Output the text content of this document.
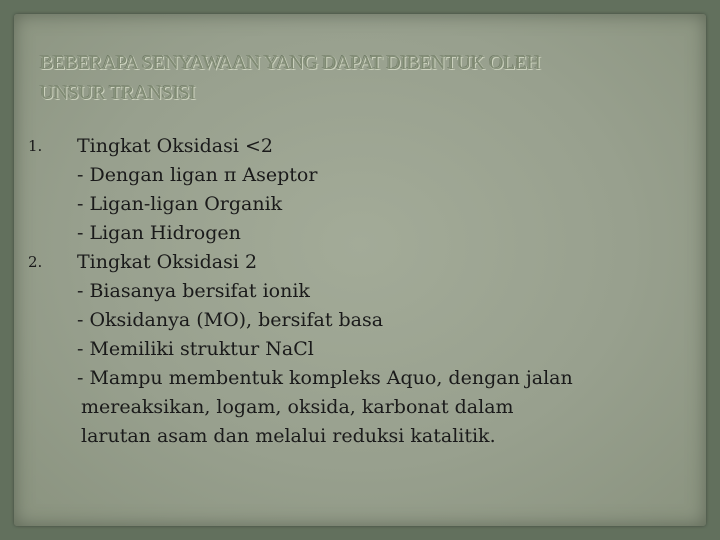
BEBERAPA SENYAWAAN YANG DAPAT DIBENTUK OLEH
UNSUR TRANSISI
1. Tingkat Oksidasi <2
- Dengan ligan π Aseptor
- Ligan-ligan Organik
- Ligan Hidrogen
2. Tingkat Oksidasi 2
- Biasanya bersifat ionik
- Oksidanya (MO), bersifat basa
- Memiliki struktur NaCl
- Mampu membentuk kompleks Aquo, dengan jalan
mereaksikan, logam, oksida, karbonat dalam
larutan asam dan melalui reduksi katalitik.
